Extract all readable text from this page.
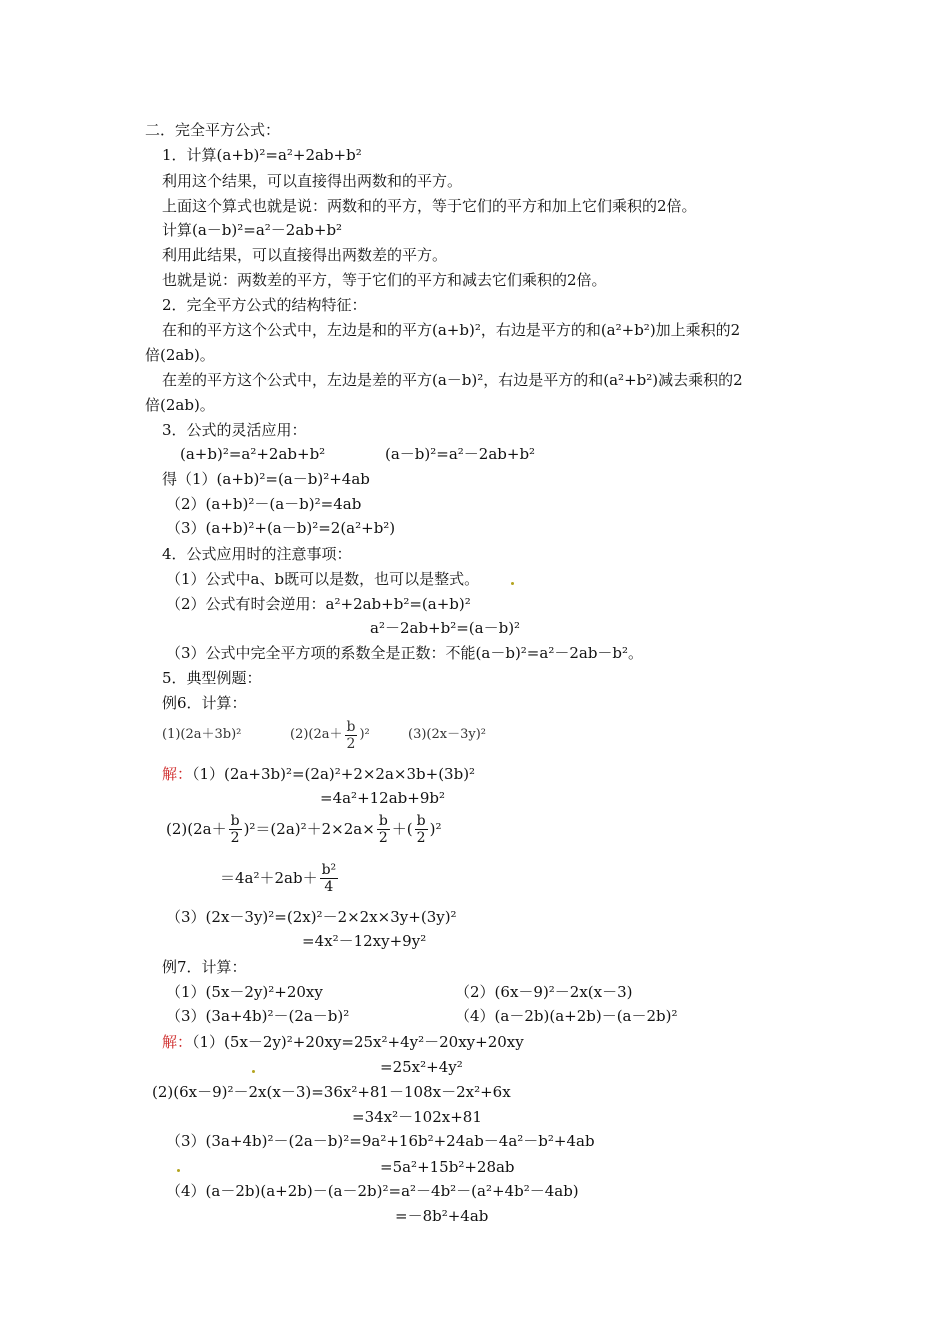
二．完全平方公式：
1．计算(a+b)²=a²+2ab+b²
利用这个结果，可以直接得出两数和的平方。
上面这个算式也就是说：两数和的平方，等于它们的平方和加上它们乘积的2倍。
计算(a－b)²=a²－2ab+b²
利用此结果，可以直接得出两数差的平方。
也就是说：两数差的平方，等于它们的平方和减去它们乘积的2倍。
2．完全平方公式的结构特征：
在和的平方这个公式中，左边是和的平方(a+b)²，右边是平方的和(a²+b²)加上乘积的2
倍(2ab)。
在差的平方这个公式中，左边是差的平方(a－b)²，右边是平方的和(a²+b²)减去乘积的2
倍(2ab)。
3．公式的灵活应用：
(a+b)²=a²+2ab+b²	(a－b)²=a²－2ab+b²
得（1）(a+b)²=(a－b)²+4ab
（2）(a+b)²－(a－b)²=4ab
（3）(a+b)²+(a－b)²=2(a²+b²)
4．公式应用时的注意事项：
（1）公式中a、b既可以是数，也可以是整式。
（2）公式有时会逆用：a²+2ab+b²=(a+b)²
a²－2ab+b²=(a－b)²
（3）公式中完全平方项的系数全是正数：不能(a－b)²=a²－2ab－b²。
5．典型例题：
例6．计算：
(1)(2a＋3b)²	$(2)(2a+ \frac{b}{2} )^2$	(3)(2x－3y)²
解：（1）(2a+3b)²=(2a)²+2×2a×3b+(3b)²
=4a²+12ab+9b²
$(2)(2a+ \frac{b}{2} )^2=(2a)^2+2\times 2a\times \frac{b}{2}$ ＋( $\frac{b}{2} )^2$
$=4a^2+2ab+ \frac{\text{b²}}{4}$
（3）(2x－3y)²=(2x)²－2×2x×3y+(3y)²
=4x²－12xy+9y²
例7．计算：
（1）(5x－2y)²+20xy	（2）(6x－9)²－2x(x－3)
（3）(3a+4b)²－(2a－b)²	（4）(a－2b)(a+2b)－(a－2b)²
解：（1）(5x－2y)²+20xy=25x²+4y²－20xy+20xy
=25x²+4y²
(2)(6x－9)²－2x(x－3)=36x²+81－108x－2x²+6x
=34x²－102x+81
（3）(3a+4b)²－(2a－b)²=9a²+16b²+24ab－4a²－b²+4ab
=5a²+15b²+28ab
（4）(a－2b)(a+2b)－(a－2b)²=a²－4b²－(a²+4b²－4ab)
=－8b²+4ab
